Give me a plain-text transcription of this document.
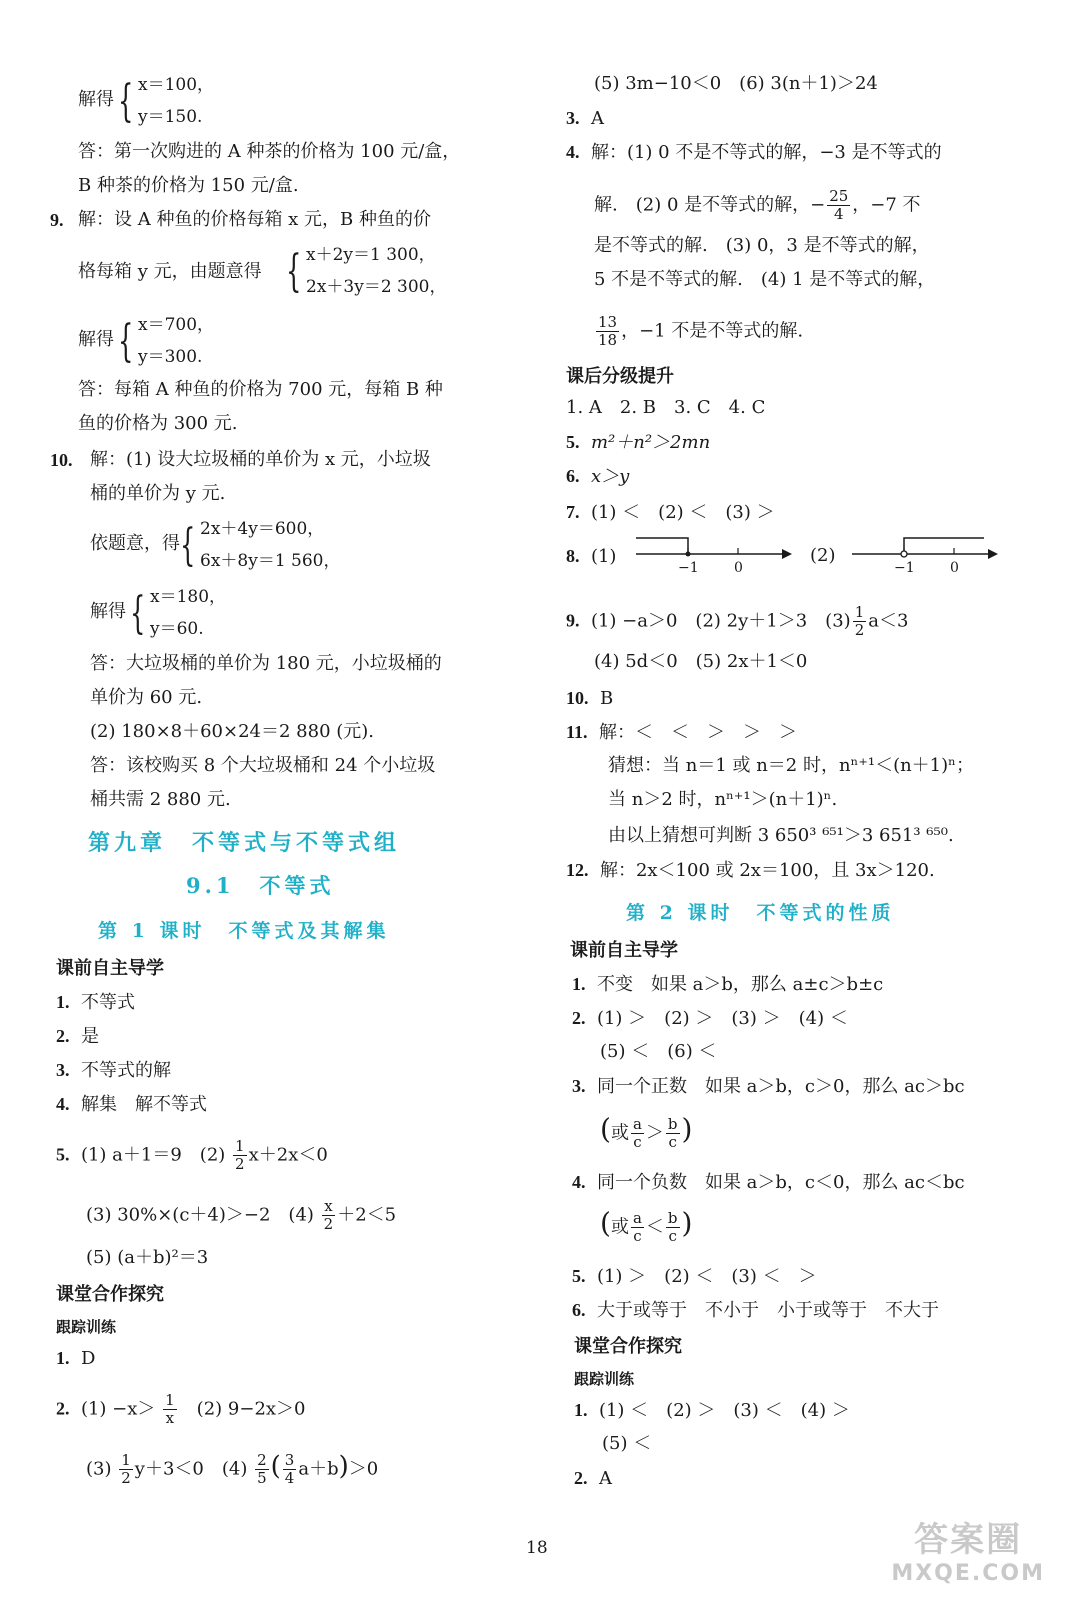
解得 { x＝100，
y＝150.
答：第一次购进的 A 种茶的价格为 100 元/盒，
B 种茶的价格为 150 元/盒.
9. 解：设 A 种鱼的价格每箱 x 元，B 种鱼的价
格每箱 y 元，由题意得 { x＋2y＝1 300，
2x＋3y＝2 300，
解得 { x＝700，
y＝300.
答：每箱 A 种鱼的价格为 700 元，每箱 B 种
鱼的价格为 300 元.
10. 解：(1) 设大垃圾桶的单价为 x 元，小垃圾
桶的单价为 y 元.
依题意，得 { 2x＋4y＝600，
6x＋8y＝1 560，
解得 { x＝180，
y＝60.
答：大垃圾桶的单价为 180 元，小垃圾桶的
单价为 60 元.
(2) 180×8＋60×24＝2 880 (元).
答：该校购买 8 个大垃圾桶和 24 个小垃圾
桶共需 2 880 元.
第九章　不等式与不等式组
9.1　不等式
第 1 课时　不等式及其解集
课前自主导学
1. 不等式
2. 是
3. 不等式的解
4. 解集　解不等式
5. (1) a＋1＝9　$(2) \frac{1}{2} x+2x<0$
(3) 30%×(c＋4)＞−2　$(4) \frac{x}{2} +2<5$
(5) (a＋b)²＝3
课堂合作探究
跟踪训练
1. D
2. $(1) -x> \frac{1}{x}$ 　(2) 9−2x＞0
$(3) \frac{1}{2} y+3<0$　$(4) \frac{2}{5}$ ( $\frac{3}{4} a+b)>0$
(5) 3m−10＜0　(6) 3(n＋1)＞24
3. A
4. 解：(1) 0 不是不等式的解，−3 是不等式的
解.　(2) 0 是不等式的解，− $\frac{25}{4}$ ，−7 不
是不等式的解.　(3) 0，3 是不等式的解，
5 不是不等式的解.　(4) 1 是不等式的解，
$\frac{13}{18}$ ，−1 不是不等式的解.
课后分级提升
1. A　2. B　3. C　4. C
5. m²＋n²＞2mn
6. x＞y
7. (1) ＜　(2) ＜　(3) ＞
8. (1)
−1	0
(2)
−1	0
9. (1) −a＞0　(2) 2y＋1＞3　$(3) \frac{1}{2} a<3$
(4) 5d＜0　(5) 2x＋1＜0
10. B
11. 解：＜　＜　＞　＞　＞
猜想：当 n＝1 或 n＝2 时，nⁿ⁺¹＜(n＋1)ⁿ；
当 n＞2 时，nⁿ⁺¹＞(n＋1)ⁿ.
由以上猜想可判断 3 650³ ⁶⁵¹＞3 651³ ⁶⁵⁰.
12. 解：2x＜100 或 2x＝100，且 3x＞120.
第 2 课时　不等式的性质
课前自主导学
1. 不变　如果 a＞b，那么 a±c＞b±c
2. (1) ＞　(2) ＞　(3) ＞　(4) ＜
(5) ＜　(6) ＜
3. 同一个正数　如果 a＞b，c＞0，那么 ac＞bc
(或 $\frac{a}{c} > \frac{b}{c}$ )
4. 同一个负数　如果 a＞b，c＜0，那么 ac＜bc
(或 $\frac{a}{c} < \frac{b}{c}$ )
5. (1) ＞　(2) ＜　(3) ＜　＞
6. 大于或等于　不小于　小于或等于　不大于
课堂合作探究
跟踪训练
1. (1) ＜　(2) ＞　(3) ＜　(4) ＞
(5) ＜
2. A
18	答案圈
MXQE.COM
